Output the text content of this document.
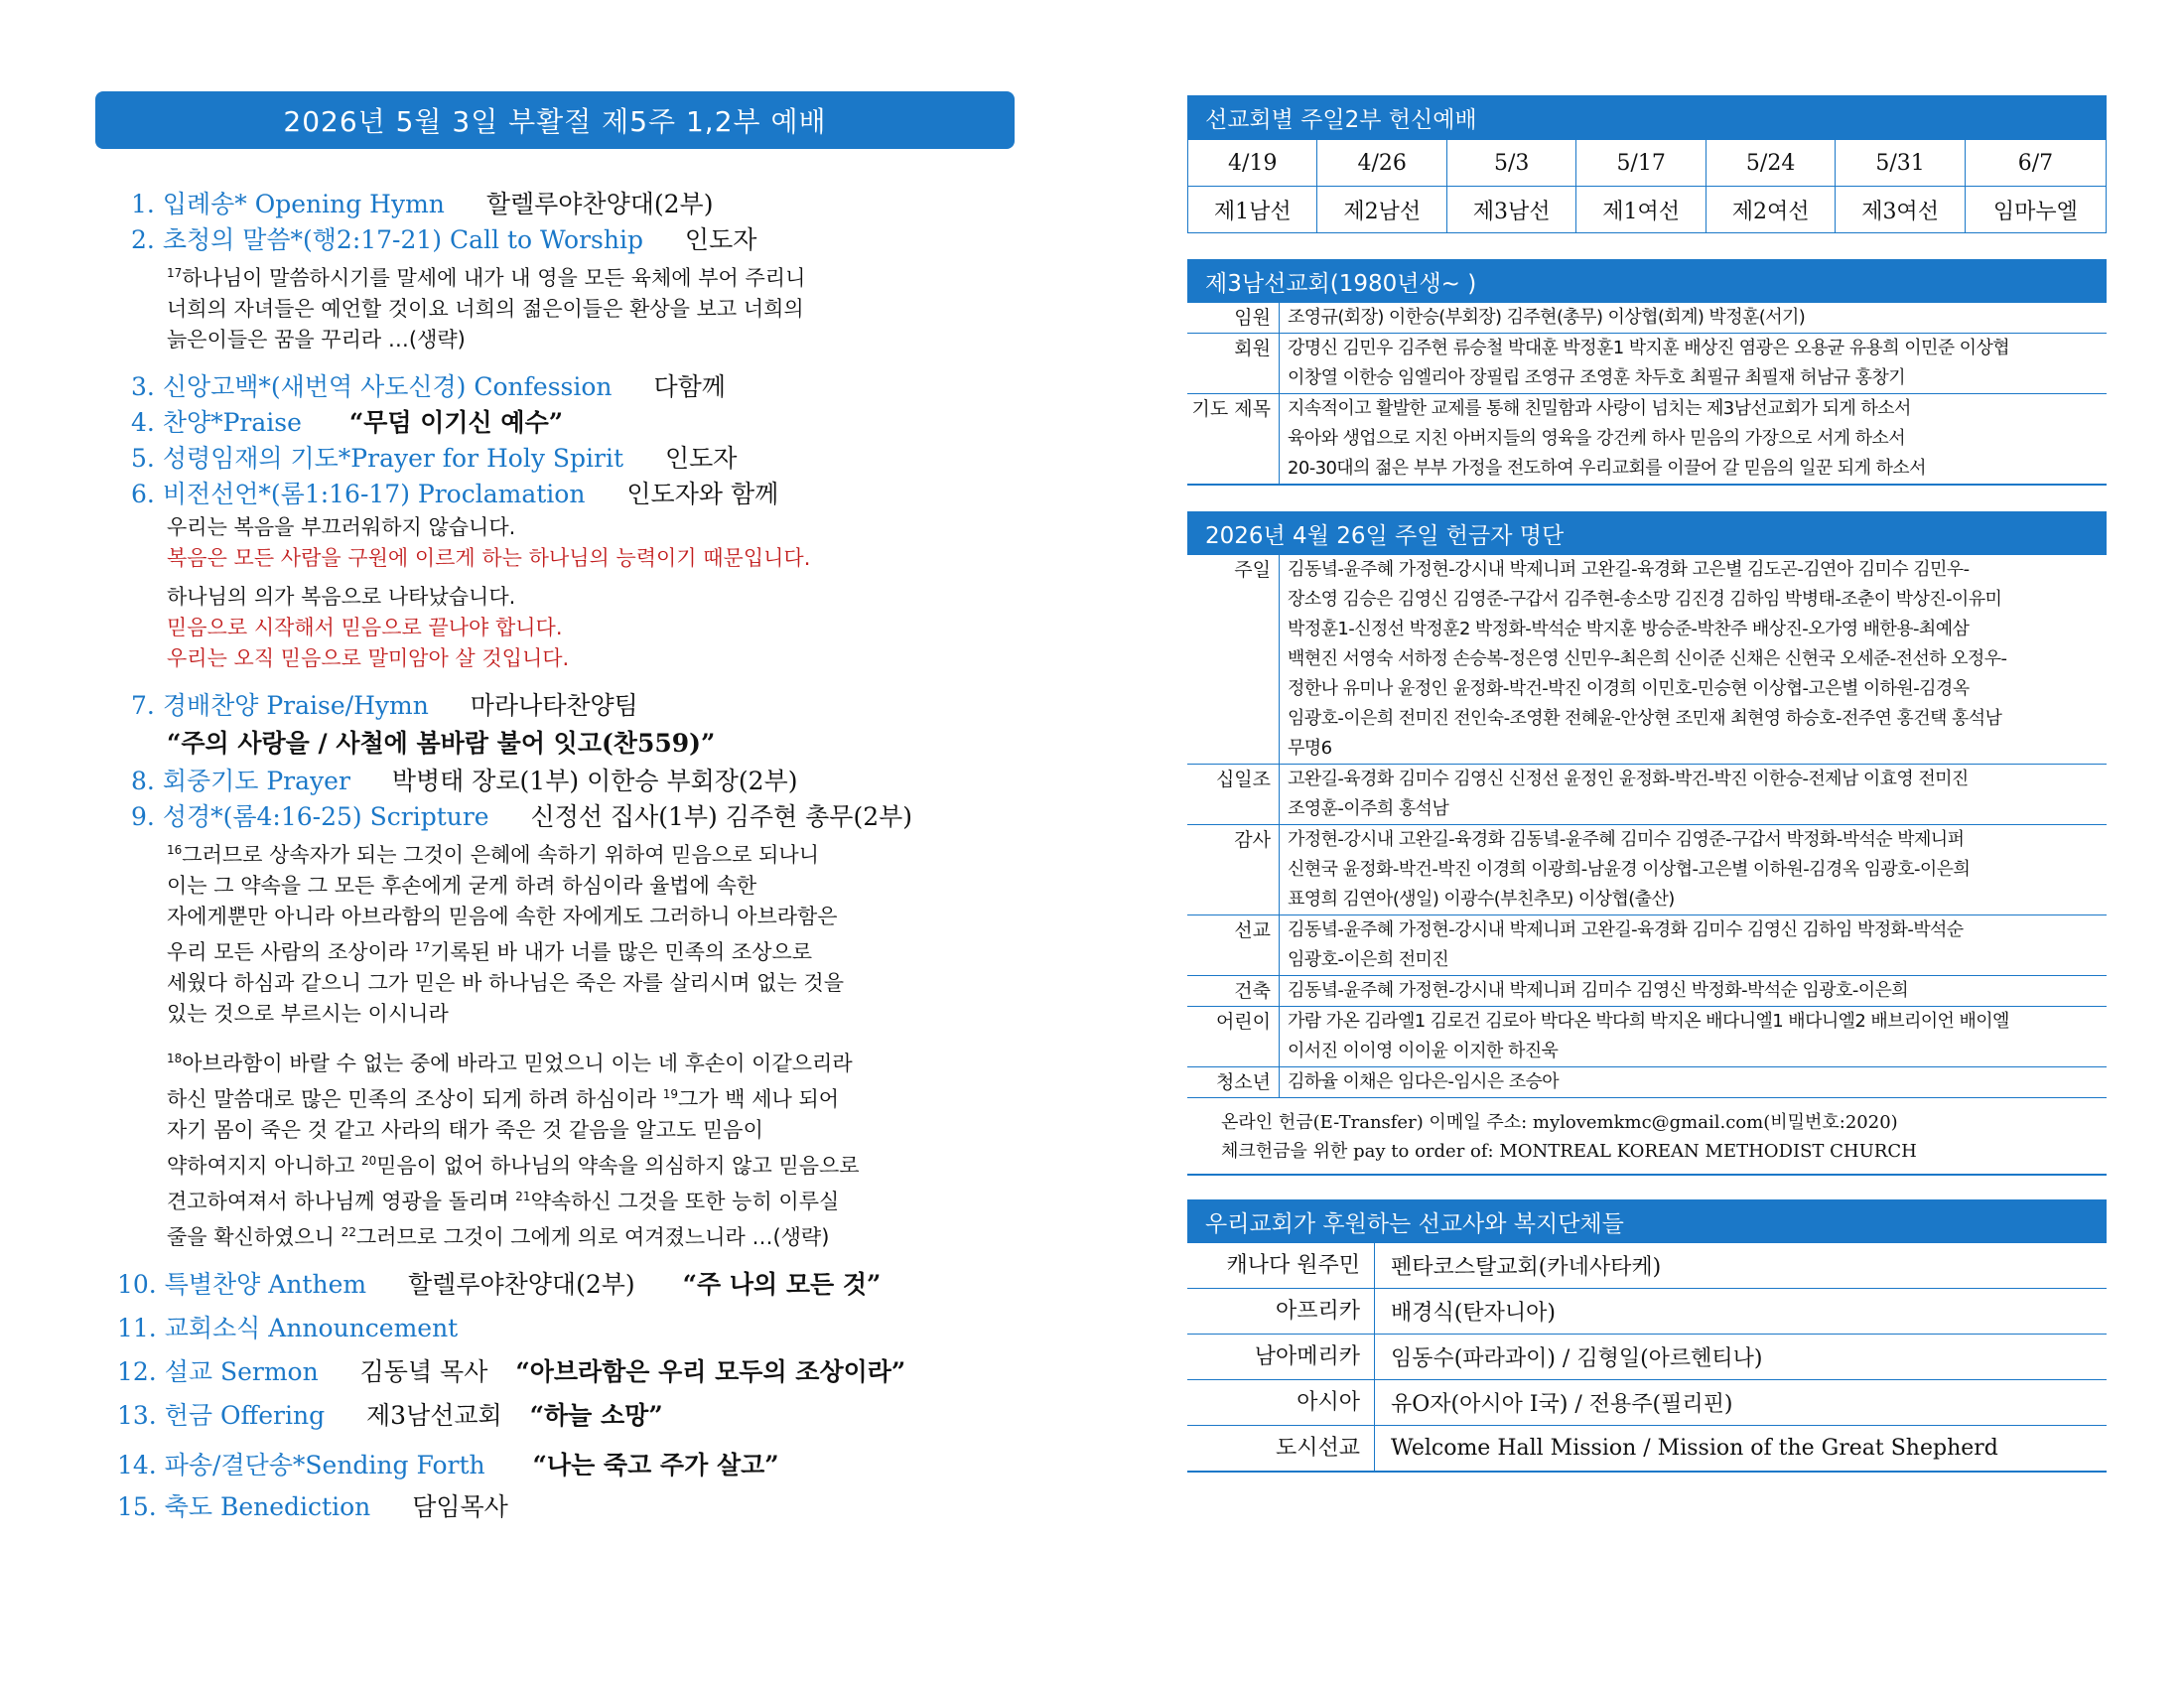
2026년 5월 3일 부활절 제5주 1,2부 예배
1. 입례송* Opening Hymn 할렐루야찬양대(2부)
2. 초청의 말씀*(행2:17-21) Call to Worship 인도자
$^{17}$하나님이 말씀하시기를 말세에 내가 내 영을 모든 육체에 부어 주리니
너희의 자녀들은 예언할 것이요 너희의 젊은이들은 환상을 보고 너희의
늙은이들은 꿈을 꾸리라 …(생략)
3. 신앙고백*(새번역 사도신경) Confession 다함께
4. 찬양*Praise “무덤 이기신 예수”
5. 성령임재의 기도*Prayer for Holy Spirit 인도자
6. 비전선언*(롬1:16-17) Proclamation 인도자와 함께
우리는 복음을 부끄러워하지 않습니다.
복음은 모든 사람을 구원에 이르게 하는 하나님의 능력이기 때문입니다.
하나님의 의가 복음으로 나타났습니다.
믿음으로 시작해서 믿음으로 끝나야 합니다.
우리는 오직 믿음으로 말미암아 살 것입니다.
7. 경배찬양 Praise/Hymn 마라나타찬양팀
“주의 사랑을 / 사철에 봄바람 불어 잇고(찬559)”
8. 회중기도 Prayer 박병태 장로(1부) 이한승 부회장(2부)
9. 성경*(롬4:16-25) Scripture 신정선 집사(1부) 김주현 총무(2부)
$^{16}$그러므로 상속자가 되는 그것이 은혜에 속하기 위하여 믿음으로 되나니
이는 그 약속을 그 모든 후손에게 굳게 하려 하심이라 율법에 속한
자에게뿐만 아니라 아브라함의 믿음에 속한 자에게도 그러하니 아브라함은
우리 모든 사람의 조상이라 $^{17}$기록된 바 내가 너를 많은 민족의 조상으로
세웠다 하심과 같으니 그가 믿은 바 하나님은 죽은 자를 살리시며 없는 것을
있는 것으로 부르시는 이시니라
$^{18}$아브라함이 바랄 수 없는 중에 바라고 믿었으니 이는 네 후손이 이같으리라
하신 말씀대로 많은 민족의 조상이 되게 하려 하심이라 $^{19}$그가 백 세나 되어
자기 몸이 죽은 것 같고 사라의 태가 죽은 것 같음을 알고도 믿음이
약하여지지 아니하고 $^{20}$믿음이 없어 하나님의 약속을 의심하지 않고 믿음으로
견고하여져서 하나님께 영광을 돌리며 $^{21}$약속하신 그것을 또한 능히 이루실
줄을 확신하였으니 $^{22}$그러므로 그것이 그에게 의로 여겨졌느니라 …(생략)
10. 특별찬양 Anthem 할렐루야찬양대(2부) “주 나의 모든 것”
11. 교회소식 Announcement
12. 설교 Sermon 김동녘 목사 “아브라함은 우리 모두의 조상이라”
13. 헌금 Offering 제3남선교회 “하늘 소망”
14. 파송/결단송*Sending Forth “나는 죽고 주가 살고”
15. 축도 Benediction 담임목사
선교회별 주일2부 헌신예배
4/19	4/26	5/3	5/17	5/24	5/31	6/7
제1남선	제2남선	제3남선	제1여선	제2여선	제3여선	임마누엘
제3남선교회(1980년생~ )
임원 조영규(회장) 이한승(부회장) 김주현(총무) 이상협(회계) 박정훈(서기)
회원 강명신 김민우 김주현 류승철 박대훈 박정훈1 박지훈 배상진 염광은 오용균 유용희 이민준 이상협
이창열 이한승 임엘리아 장필립 조영규 조영훈 차두호 최필규 최필재 허남규 홍창기
기도 제목 지속적이고 활발한 교제를 통해 친밀함과 사랑이 넘치는 제3남선교회가 되게 하소서
육아와 생업으로 지친 아버지들의 영육을 강건케 하사 믿음의 가장으로 서게 하소서
20-30대의 젊은 부부 가정을 전도하여 우리교회를 이끌어 갈 믿음의 일꾼 되게 하소서
2026년 4월 26일 주일 헌금자 명단
주일 김동녘-윤주혜 가정현-강시내 박제니퍼 고완길-육경화 고은별 김도곤-김연아 김미수 김민우-
장소영 김승은 김영신 김영준-구갑서 김주현-송소망 김진경 김하임 박병태-조춘이 박상진-이유미
박정훈1-신정선 박정훈2 박정화-박석순 박지훈 방승준-박찬주 배상진-오가영 배한용-최예삼
백현진 서영숙 서하정 손승복-정은영 신민우-최은희 신이준 신채은 신현국 오세준-전선하 오정우-
정한나 유미나 윤정인 윤정화-박건-박진 이경희 이민호-민승현 이상협-고은별 이하원-김경옥
임광호-이은희 전미진 전인숙-조영환 전혜윤-안상현 조민재 최현영 하승호-전주연 홍건택 홍석남
무명6
십일조 고완길-육경화 김미수 김영신 신정선 윤정인 윤정화-박건-박진 이한승-전제남 이효영 전미진
조영훈-이주희 홍석남
감사 가정현-강시내 고완길-육경화 김동녘-윤주혜 김미수 김영준-구갑서 박정화-박석순 박제니퍼
신현국 윤정화-박건-박진 이경희 이광희-남윤경 이상협-고은별 이하원-김경옥 임광호-이은희
표영희 김연아(생일) 이광수(부친추모) 이상협(출산)
선교 김동녘-윤주혜 가정현-강시내 박제니퍼 고완길-육경화 김미수 김영신 김하임 박정화-박석순
임광호-이은희 전미진
건축 김동녘-윤주혜 가정현-강시내 박제니퍼 김미수 김영신 박정화-박석순 임광호-이은희
어린이 가람 가온 김라엘1 김로건 김로아 박다온 박다희 박지온 배다니엘1 배다니엘2 배브리이언 배이엘
이서진 이이영 이이윤 이지한 하진욱
청소년 김하율 이채은 임다은-임시은 조승아
온라인 헌금(E-Transfer) 이메일 주소: mylovemkmc@gmail.com(비밀번호:2020)
체크헌금을 위한 pay to order of: MONTREAL KOREAN METHODIST CHURCH
우리교회가 후원하는 선교사와 복지단체들
캐나다 원주민	펜타코스탈교회(카네사타케)
아프리카	배경식(탄자니아)
남아메리카	임동수(파라과이) / 김형일(아르헨티나)
아시아	유O자(아시아 I국) / 전용주(필리핀)
도시선교	Welcome Hall Mission / Mission of the Great Shepherd
